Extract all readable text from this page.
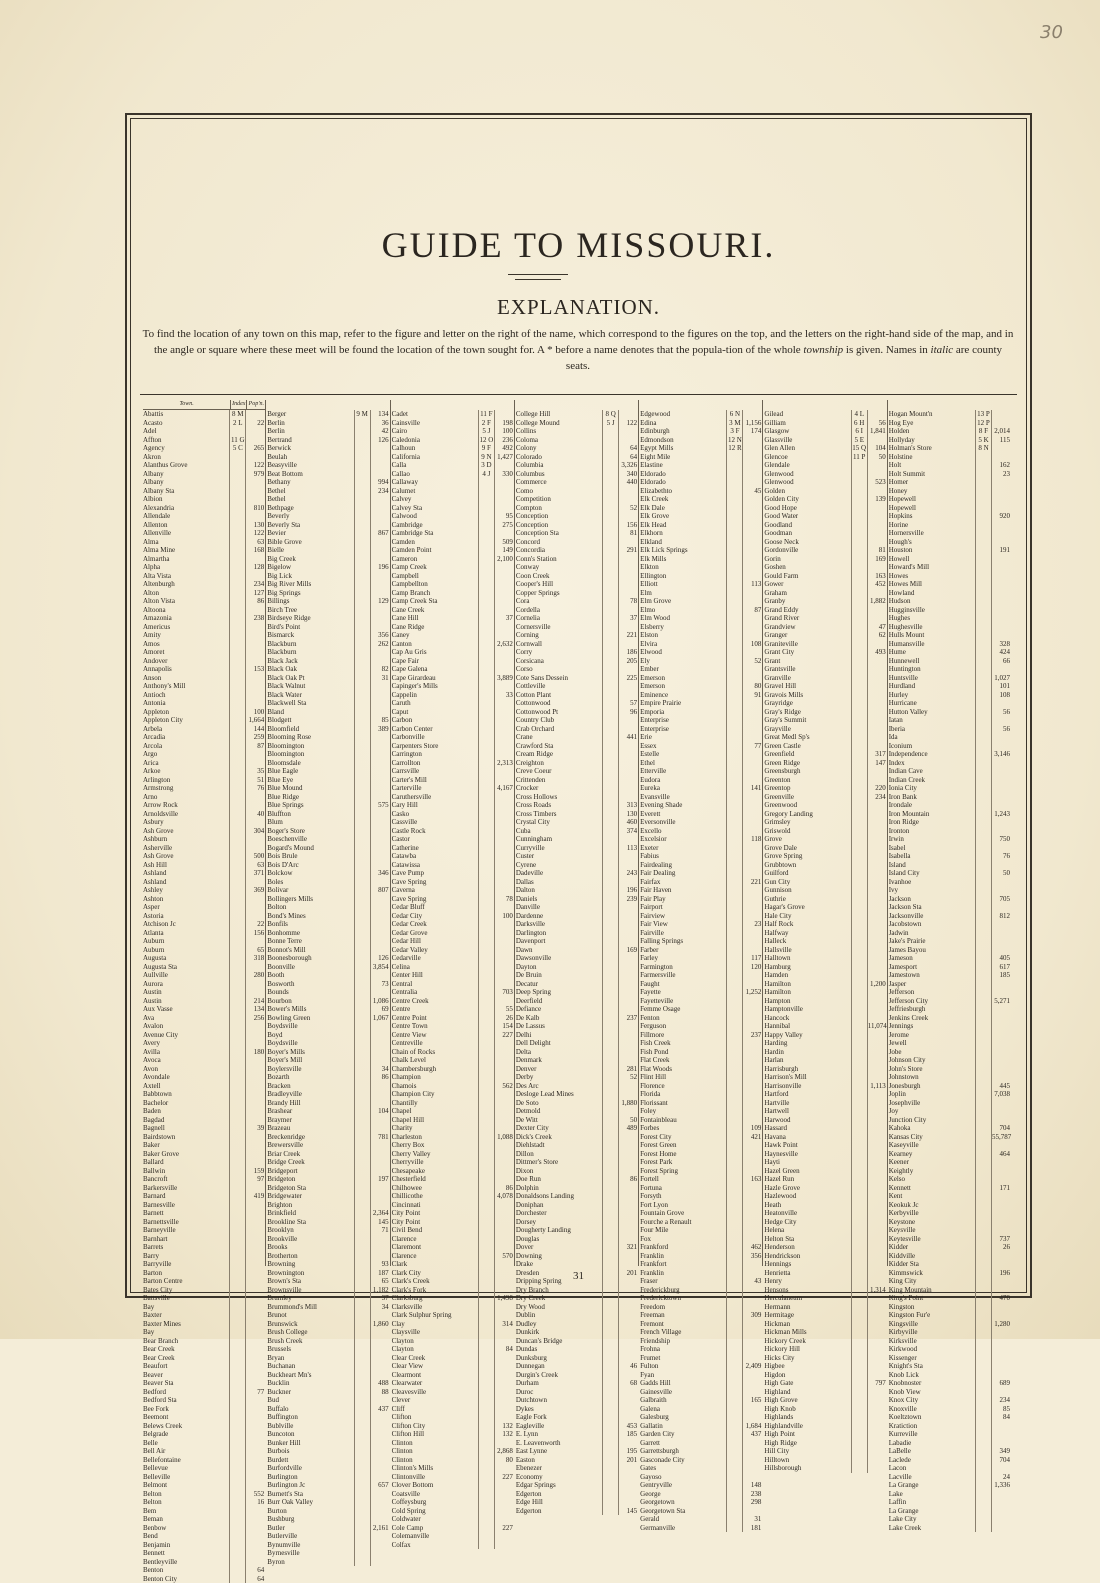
30
GUIDE TO MISSOURI.
EXPLANATION.
To find the location of any town on this map, refer to the figure and letter on the right of the name, which correspond to the figures on the top, and the letters on the right-hand side of the map, and in the angle or square where these meet will be found the location of the town sought for. A * before a name denotes that the popula-tion of the whole township is given. Names in italic are county seats.
Town.	Index Pop'n.
Abattis	8 M
Acasto	2 L	22
Adel
Affton	11 G
Agency	5 C	265
Akron
Alanthus Grove	122
Albany	979
Albany
Albany Sta
Albion
Alexandria	810
Allendale
Allenton	130
Allenville	122
Alma	63
Alma Mine	168
Almartha
Alpha	128
Alta Vista
Altenburgh	234
Alton	127
Alton Vista	86
Altoona
Amazonia	238
Americus
Amity
Amos
Amoret
Andover
Annapolis	153
Anson
Anthony's Mill
Antioch
Antonia
Appleton	100
Appleton City	1,664
Arbela	144
Arcadia	259
Arcola	87
Argo
Arica
Arkoe	35
Arlington	51
Armstrong	76
Arno
Arrow Rock
Arnoldsville	40
Asbury
Ash Grove	304
Ashburn
Asherville
Ash Grove	500
Ash Hill	63
Ashland	371
Ashland
Ashley	369
Ashton
Asper
Astoria
Atchison Jc	22
Atlanta	156
Auburn
Auburn	65
Augusta	318
Augusta Sta
Aullville	280
Aurora
Austin
Austin	214
Aux Vasse	134
Ava	256
Avalon
Avenue City
Avery
Avilla	180
Avoca
Avon
Avondale
Axtell
Babbtown
Bachelor
Baden
Bagdad
Bagnell	39
Bairdstown
Baker
Baker Grove
Ballard
Ballwin	159
Bancroft	97
Barkersville
Barnard	419
Barnesville
Barnett
Barnettsville
Barneyville
Barnhart
Barrets
Barry
Barryville
Barton
Barton Centre
Bates City
Battsville
Bay
Baxter
Baxter Mines
Bay
Bear Branch
Bear Creek
Bear Creek
Beaufort
Beaver
Beaver Sta
Bedford	77
Bedford Sta
Bee Fork
Beemont
Belews Creek
Belgrade
Belle
Bell Air
Bellefontaine
Bellevue
Belleville
Belmont
Belton	552
Belton	16
Bem
Beman
Benbow
Bend
Benjamin
Bennett
Bentleyville
Benton	64
Benton City	64
Berger	9 M	134
Berlin	36
Berlin	42
Bertrand	126
Berwick
Beulah
Beasyville
Beat Bottom
Bethany	994
Bethel	234
Bethel
Bethpage
Beverly
Beverly Sta
Bevier	867
Bible Grove
Bielle
Big Creek
Bigelow	196
Big Lick
Big River Mills
Big Springs
Billings	129
Birch Tree
Birdseye Ridge
Bird's Point
Bismarck	356
Blackburn	262
Blackburn
Black Jack
Black Oak	82
Black Oak Pt	31
Black Walnut
Black Water
Blackwell Sta
Bland
Blodgett	85
Bloomfield	389
Blooming Rose
Bloomington
Bloomington
Bloomsdale
Blue Eagle
Blue Eye
Blue Mound
Blue Ridge
Blue Springs	575
Bluffton
Blum
Boger's Store
Boeschenville
Bogard's Mound
Bois Brule
Bois D'Arc
Bolckow	346
Boles
Bolivar	807
Bollingers Mills
Bolton
Bond's Mines
Bonfils
Bonhomme
Bonne Terre
Bonnot's Mill
Boonesborough	126
Boonville	3,854
Booth
Bosworth	73
Bounds
Bourbon	1,086
Bower's Mills	69
Bowling Green	1,067
Boydsville
Boyd
Boydsville
Boyer's Mills
Boyer's Mill
Boylersville	34
Bozarth	86
Bracken
Bradleyville
Brandy Hill
Brashear	104
Braymer
Brazeau
Breckenridge	781
Brewersville
Briar Creek
Bridge Creek
Bridgeport
Bridgeton	197
Bridgeton Sta
Bridgewater
Brighton
Brinkfield	2,364
Brookline Sta	145
Brooklyn	71
Brookville
Brooks
Brotherton
Browning	93
Brownington	187
Brown's Sta	65
Brownsville	1,182
Brumley	37
Brummond's Mill	34
Brunot
Brunswick	1,860
Brush College
Brush Creek
Brussels
Bryan
Buchanan
Buckheart Mn's
Bucklin	488
Buckner	88
Bud
Buffalo	437
Buffington
Bublville
Buncoton
Bunker Hill
Burbois
Burdett
Burfordville
Burlington
Burlington Jc	657
Burnett's Sta
Burr Oak Valley
Burton
Bushburg
Butler	2,161
Butlerville
Bynumville
Byrnesville
Byron
Cadet	11 F
Cainsville	2 F	198
Cairo	5 J	100
Caledonia	12 O	236
Calhoun	9 F	492
California	9 N 1,427
Calla	3 D
Callao	4 J	330
Callaway
Calumet
Calvey
Calvey Sta
Calwood	95
Cambridge	275
Cambridge Sta
Camden	509
Camden Point	149
Cameron	2,100
Camp Creek
Campbell
Campbellton
Camp Branch
Camp Creek Sta
Cane Creek
Cane Hill	37
Cane Ridge
Caney
Canton	2,632
Cap Au Gris
Cape Fair
Cape Galena
Cape Girardeau	3,889
Capinger's Mills
Cappelin	33
Caruth
Caput
Carbon
Carbon Center
Carbonville
Carpenters Store
Carrington
Carrollton	2,313
Carrsville
Carter's Mill
Carterville	4,167
Caruthersville
Cary Hill
Casko
Cassville
Castle Rock
Castor
Catherine
Catawba
Catawissa
Cave Pump
Cave Spring
Caverna
Cave Spring	78
Cedar Bluff
Cedar City	100
Cedar Creek
Cedar Grove
Cedar Hill
Cedar Valley
Cedarville
Celina
Center Hill
Central
Centralia	703
Centre Creek
Centre	55
Centre Point	26
Centre Town	154
Centre View	227
Centreville
Chain of Rocks
Chalk Level
Chambersburgh
Champion
Chamois	562
Champion City
Chantilly
Chapel
Chapel Hill
Charity
Charleston	1,088
Cherry Box
Cherry Valley
Cherryville
Chesapeake
Chesterfield
Chilhowee	86
Chillicothe	4,078
Cincinnati
City Point
City Point
Civil Bend
Clarence
Claremont
Clarence	570
Clark
Clark City
Clark's Creek
Clark's Fork
Clarksburg	1,498
Clarksville
Clark Sulphur Spring
Clay	314
Claysville
Clayton
Clayton	84
Clear Creek
Clear View
Clearmont
Clearwater
Cleavesville
Clever
Cliff
Clifton
Clifton City	132
Clifton Hill	132
Clinton
Clinton	2,868
Clinton	80
Clinton's Mills
Clintonville	227
Clover Bottom
Coatsville
Coffeysburg
Cold Spring
Coldwater
Cole Camp	227
Colemanville
Colfax
College Hill	8 Q
College Mound	5 J	122
Collins
Coloma
Colony	64
Colorado	64
Columbia	3,326
Columbus	340
Commerce	440
Como
Competition
Compton	52
Conception
Conception	156
Conception Sta	81
Concord
Concordia	291
Conn's Station
Conway
Coon Creek
Cooper's Hill
Copper Springs
Cora	78
Cordella
Cornelia	37
Cornersville
Corning	221
Cornwall
Corry	186
Corsicana	205
Corso
Cote Sans Dessein	225
Cottleville
Cotton Plant
Cottonwood	57
Cottonwood Pt	96
Country Club
Crab Orchard
Crane	441
Crawford Sta
Cream Ridge
Creighton
Creve Coeur
Crittenden
Crocker
Cross Hollows
Cross Roads	313
Cross Timbers	130
Crystal City	460
Cuba	374
Cunningham
Curryville	113
Custer
Cyrene
Dadeville	243
Dallas
Dalton	196
Daniels	239
Danville
Dardenne
Darksville
Darlington
Davenport
Dawn	169
Dawsonville
Dayton
De Bruin
Decatur
Deep Spring
Deerfield
Defiance
De Kalb	237
De Lassus
Delhi
Dell Delight
Delta
Denmark
Denver	281
Derby	52
Des Arc
Desloge Lead Mines
De Soto	1,880
Detmold
De Witt	50
Dexter City	489
Dick's Creek
Diehlstadt
Dillon
Dittmer's Store
Dixon
Doe Run	86
Dolphin
Donaldsons Landing
Doniphan
Dorchester
Dorsey
Dougherty Landing
Douglas
Dover	321
Downing
Drake
Dresden	201
Dripping Spring
Dry Branch
Dry Creek
Dry Wood
Dublin
Dudley
Dunkirk
Duncan's Bridge
Dundas
Dunksburg
Dunnegan	46
Durgin's Creek
Durham	68
Duroc
Dutchtown
Dykes
Eagle Fork
Eagleville	453
E. Lynn	185
E. Leavenworth
East Lynne	195
Easton	201
Ebenezer
Economy
Edgar Springs
Edgerton
Edge Hill
Edgerton	145
Edgewood	6 N
Edina	3 M 1,156
Edinburgh	3 F	174
Edmondson	12 N
Egypt Mills	12 R
Eight Mile
Elastine
Eldorado
Eldorado
Elizabethto	45
Elk Creek
Elk Dale
Elk Grove
Elk Head
Elkhorn
Elkland
Elk Lick Springs
Elk Mills
Elkton
Ellington
Elliott	113
Elm
Elm Grove
Elmo	87
Elm Wood
Elsberry
Elston
Elvira	108
Elwood
Ely	52
Ember
Emerson
Emerson	80
Eminence	91
Empire Prairie
Emporia
Enterprise
Enterprise
Erie
Essex	77
Estelle
Ethel
Etterville
Eudora
Eureka	141
Evansville
Evening Shade
Everett
Eversonville
Excello
Excelsior	118
Exeter
Fabius
Fairdealing
Fair Dealing
Fairfax	221
Fair Haven
Fair Play
Fairport
Fairview
Fair View	23
Fairville
Falling Springs
Farber
Farley	117
Farmington	120
Farmersville
Faught
Fayette	1,252
Fayetteville
Femme Osage
Fenton
Ferguson
Fillmore	237
Fish Creek
Fish Pond
Flat Creek
Flat Woods
Flint Hill
Florence
Florida
Florissant
Foley
Fontainbleau
Forbes	109
Forest City	421
Forest Green
Forest Home
Forest Park
Forest Spring
Fortell	163
Fortuna
Forsyth
Fort Lyon
Fountain Grove
Fourche a Renault
Four Mile
Fox
Frankford	462
Franklin	356
Frankfort
Franklin
Fraser	43
Frederickburg
Fredericktown
Freedom
Freeman	309
Fremont
French Village
Friendship
Frohna
Frumet
Fulton	2,409
Fyan
Gadds Hill
Gainesville
Galbraith	165
Galena
Galesburg
Gallatin	1,684
Garden City	437
Garrett
Garrettsburgh
Gasconade City
Gates
Gayoso
Gentryville	148
George	238
Georgetown	298
Georgetown Sta
Gerald	31
Germanville	181
Gilead	4 L
Gilliam	6 H	56
Glasgow	6 I 1,841
Glassville	5 E
Glen Allen	15 Q	104
Glencoe	11 P	50
Glendale
Glenwood
Glenwood	523
Golden
Golden City	139
Good Hope
Good Water
Goodland
Goodman
Goose Neck
Gordonville	81
Gorin	169
Goshen
Gould Farm	163
Gower	452
Graham
Granby	1,882
Grand Eddy
Grand River
Grandview	47
Granger	62
Graniteville
Grant City	493
Grant
Grantsville
Granville
Gravel Hill
Gravois Mills
Grayridge
Gray's Ridge
Gray's Summit
Grayville
Great Medl Sp's
Green Castle
Greenfield	317
Green Ridge	147
Greensburgh
Greenton
Greentop	220
Greenville	234
Greenwood
Gregory Landing
Grimsley
Griswold
Grove
Grove Dale
Grove Spring
Grubbtown
Guilford
Gun City
Gunnison
Guthrie
Hagar's Grove
Hale City
Half Rock
Halfway
Halleck
Hallsville
Halltown
Hamburg
Hamden
Hamilton	1,200
Hamilton
Hampton
Hamptonville
Hancock
Hannibal	11,074
Happy Valley
Harding
Hardin
Harlan
Harrisburgh
Harrison's Mill
Harrisonville	1,113
Hartford
Hartville
Hartwell
Harwood
Hassard
Havana
Hawk Point
Haynesville
Hayti
Hazel Green
Hazel Run
Hazle Grove
Hazlewood
Heath
Heatonville
Hedge City
Helena
Helton Sta
Henderson
Hendrickson
Hennings
Henrietta
Henry
Hensons	1,314
Herculaneum
Hermann
Hermitage
Hickman
Hickman Mills
Hickory Creek
Hickory Hill
Hicks City
Higbee
Higdon
High Gate	797
Highland
High Grove
High Knob
Highlands
Highlandville
High Point
High Ridge
Hill City
Hilltown
Hillsborough
Hogan Mount'n	13 P
Hog Eye	12 P
Holden	8 F 2,014
Hollyday	5 K	115
Holman's Store	8 N
Holstine
Holt	162
Holt Summit	23
Homer
Honey
Hopewell
Hopewell
Hopkins	920
Horine
Hornersville
Hough's
Houston	191
Howell
Howard's Mill
Howes
Howes Mill
Howland
Hudson
Hugginsville
Hughes
Hughesville
Hulls Mount
Humansville	328
Hume	424
Hunnewell	66
Huntington
Huntsville	1,027
Hurdland	101
Hurley	108
Hurricane
Hutton Valley	56
Iatan
Iberia	56
Ida
Iconium
Independence	3,146
Index
Indian Cave
Indian Creek
Ionia City
Iron Bank
Irondale
Iron Mountain	1,243
Iron Ridge
Ironton
Irwin	750
Isabel
Isabella	76
Island
Island City	50
Ivanhoe
Ivy
Jackson	705
Jackson Sta
Jacksonville	812
Jacobstown
Jadwin
Jake's Prairie
James Bayou
Jameson	405
Jamesport	617
Jamestown	185
Jasper
Jefferson
Jefferson City	5,271
Jeffriesburgh
Jenkins Creek
Jennings
Jerome
Jewell
Jobe
Johnson City
John's Store
Johnstown
Jonesburgh	445
Joplin	7,038
Josephville
Joy
Junction City
Kahoka	704
Kansas City	55,787
Kaseyville
Kearney	464
Keener
Keightly
Kelso
Kennett	171
Kent
Keokuk Jc
Kerbyville
Keystone
Keysville
Keytesville	737
Kidder	26
Kiddville
Kidder Sta
Kimmswick	196
King City
King Mountain
King's Point	470
Kingston
Kingston Fur'e
Kingsville	1,280
Kirbyville
Kirksville
Kirkwood
Kissenger
Knight's Sta
Knob Lick
Knobnoster	689
Knob View
Knox City	234
Knoxville	85
Koeltztown	84
Kratiction
Kurreville
Labadie
LaBelle	349
Laclede	704
Lacon
Lacville	24
La Grange	1,336
Lake
Laffin
La Grange
Lake City
Lake Creek
31
